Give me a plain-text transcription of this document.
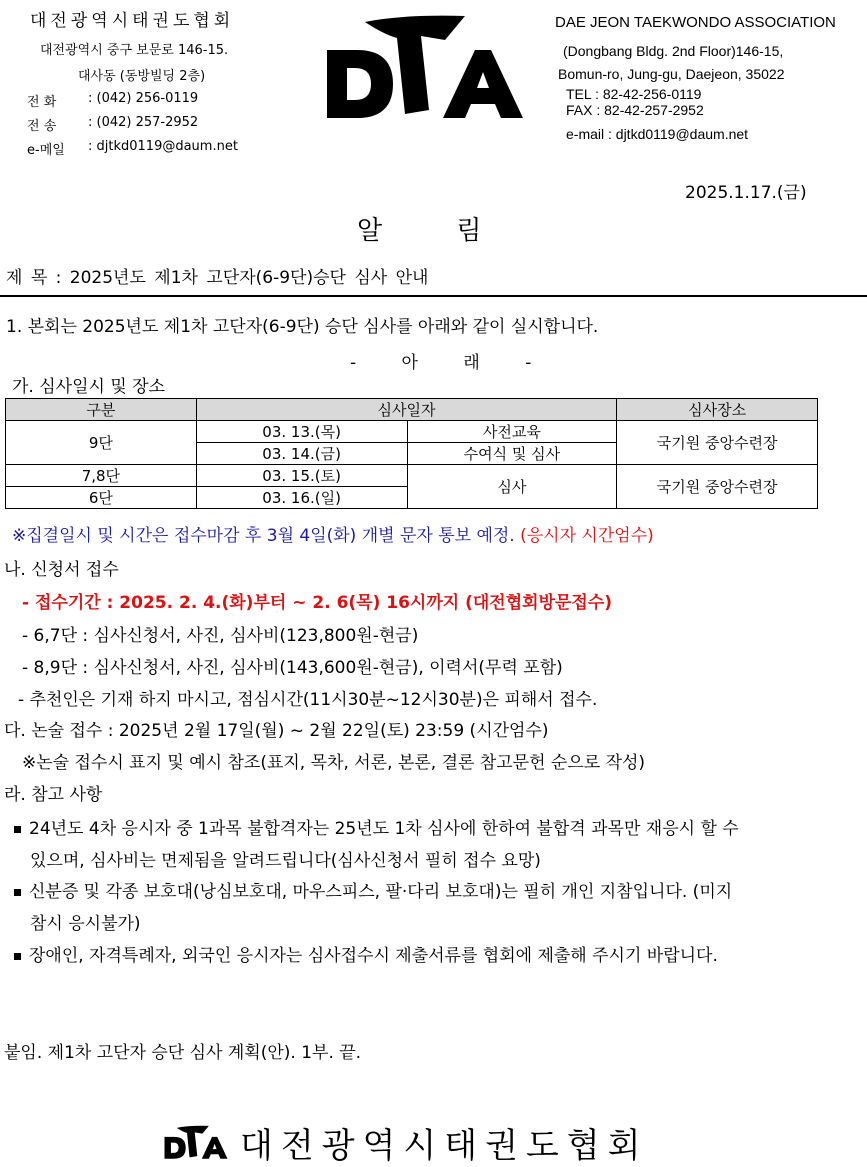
대전광역시태권도협회
대전광역시 중구 보문로 146-15.
대사동 (동방빌딩 2층)
전 화	: (042) 256-0119
전 송	: (042) 257-2952
e-메일 : djtkd0119@daum.net
DAE JEON TAEKWONDO ASSOCIATION
(Dongbang Bldg. 2nd Floor)146-15,
Bomun-ro, Jung-gu, Daejeon, 35022
TEL : 82-42-256-0119
FAX : 82-42-257-2952
e-mail : djtkd0119@daum.net
2025.1.17.(금)
알 림
제 목 : 2025년도 제1차 고단자(6-9단)승단 심사 안내
1. 본회는 2025년도 제1차 고단자(6-9단) 승단 심사를 아래와 같이 실시합니다.
- 아 래 -
가. 심사일시 및 장소
구분	심사일자		심사장소
9단	03. 13.(목)	사전교육	국기원 중앙수련장
	03. 14.(금)	수여식 및 심사	
7,8단	03. 15.(토)	심사	국기원 중앙수련장
6단	03. 16.(일)		
※집결일시 및 시간은 접수마감 후 3월 4일(화) 개별 문자 통보 예정. (응시자 시간엄수)
나. 신청서 접수
- 접수기간 : 2025. 2. 4.(화)부터 ~ 2. 6(목) 16시까지 (대전협회방문접수)
- 6,7단 : 심사신청서, 사진, 심사비(123,800원-현금)
- 8,9단 : 심사신청서, 사진, 심사비(143,600원-현금), 이력서(무력 포함)
- 추천인은 기재 하지 마시고, 점심시간(11시30분~12시30분)은 피해서 접수.
다. 논술 접수 : 2025년 2월 17일(월) ~ 2월 22일(토) 23:59 (시간엄수)
※논술 접수시 표지 및 예시 참조(표지, 목차, 서론, 본론, 결론 참고문헌 순으로 작성)
라. 참고 사항
24년도 4차 응시자 중 1과목 불합격자는 25년도 1차 심사에 한하여 불합격 과목만 재응시 할 수
있으며, 심사비는 면제됨을 알려드립니다(심사신청서 필히 접수 요망)
신분증 및 각종 보호대(낭심보호대, 마우스피스, 팔·다리 보호대)는 필히 개인 지참입니다. (미지
참시 응시불가)
장애인, 자격특례자, 외국인 응시자는 심사접수시 제출서류를 협회에 제출해 주시기 바랍니다.
붙임. 제1차 고단자 승단 심사 계획(안). 1부. 끝.
대전광역시태권도협회
